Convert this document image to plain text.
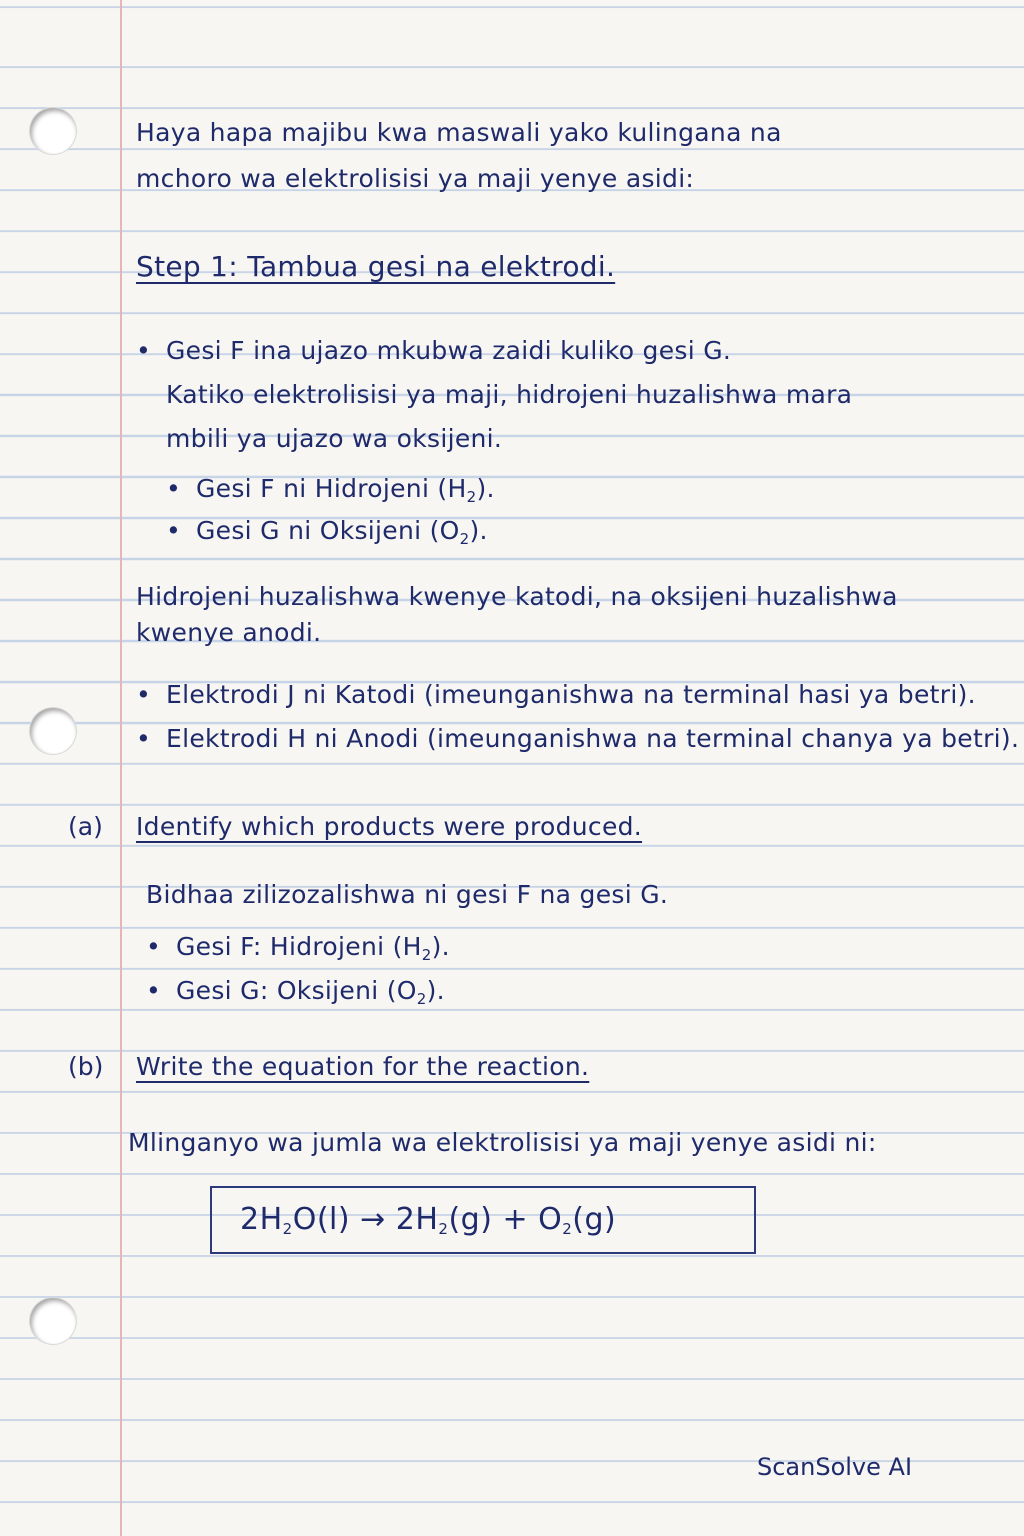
Haya hapa majibu kwa maswali yako kulingana na

mchoro wa elektrolisisi ya maji yenye asidi:

Step 1: Tambua gesi na elektrodi.

• Gesi F ina ujazo mkubwa zaidi kuliko gesi G.

Katiko elektrolisisi ya maji, hidrojeni huzalishwa mara

mbili ya ujazo wa oksijeni.

• Gesi F ni Hidrojeni $(H_2)$.

• Gesi G ni Oksijeni $(O_2)$.

Hidrojeni huzalishwa kwenye katodi, na oksijeni huzalishwa

kwenye anodi.

• Elektrodi J ni Katodi (imeunganishwa na terminal hasi ya betri).

• Elektrodi H ni Anodi (imeunganishwa na terminal chanya ya betri).

(a) Identify which products were produced.

Bidhaa zilizozalishwa ni gesi F na gesi G.

• Gesi F: Hidrojeni $(H_2)$.

• Gesi G: Oksijeni $(O_2)$.

(b) Write the equation for the reaction.

Mlinganyo wa jumla wa elektrolisisi ya maji yenye asidi ni:

$2H_2O(l) \to 2H_2(g) + O_2(g)$
ScanSolve AI
